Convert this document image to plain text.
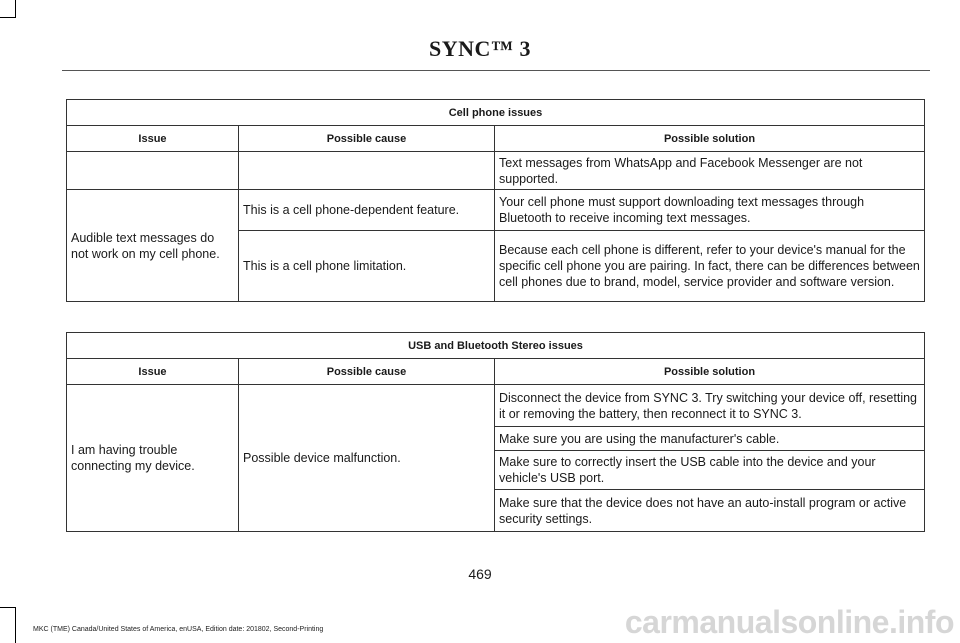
SYNC™ 3
Cell phone issues		
Issue	Possible cause	Possible solution
		Text messages from WhatsApp and Facebook Messenger are not supported.
Audible text messages do not work on my cell phone.	This is a cell phone-dependent feature.	Your cell phone must support downloading text messages through Bluetooth to receive incoming text messages.
	This is a cell phone limitation.	Because each cell phone is different, refer to your device's manual for the specific cell phone you are pairing. In fact, there can be differences between cell phones due to brand, model, service provider and software version.
USB and Bluetooth Stereo issues		
Issue	Possible cause	Possible solution
I am having trouble connecting my device.	Possible device malfunction.	Disconnect the device from SYNC 3. Try switching your device off, resetting it or removing the battery, then reconnect it to SYNC 3.
		Make sure you are using the manufacturer's cable.
		Make sure to correctly insert the USB cable into the device and your vehicle's USB port.
		Make sure that the device does not have an auto-install program or active security settings.
469
MKC (TME) Canada/United States of America, enUSA, Edition date: 201802, Second-Printing	carmanualsonline.info
